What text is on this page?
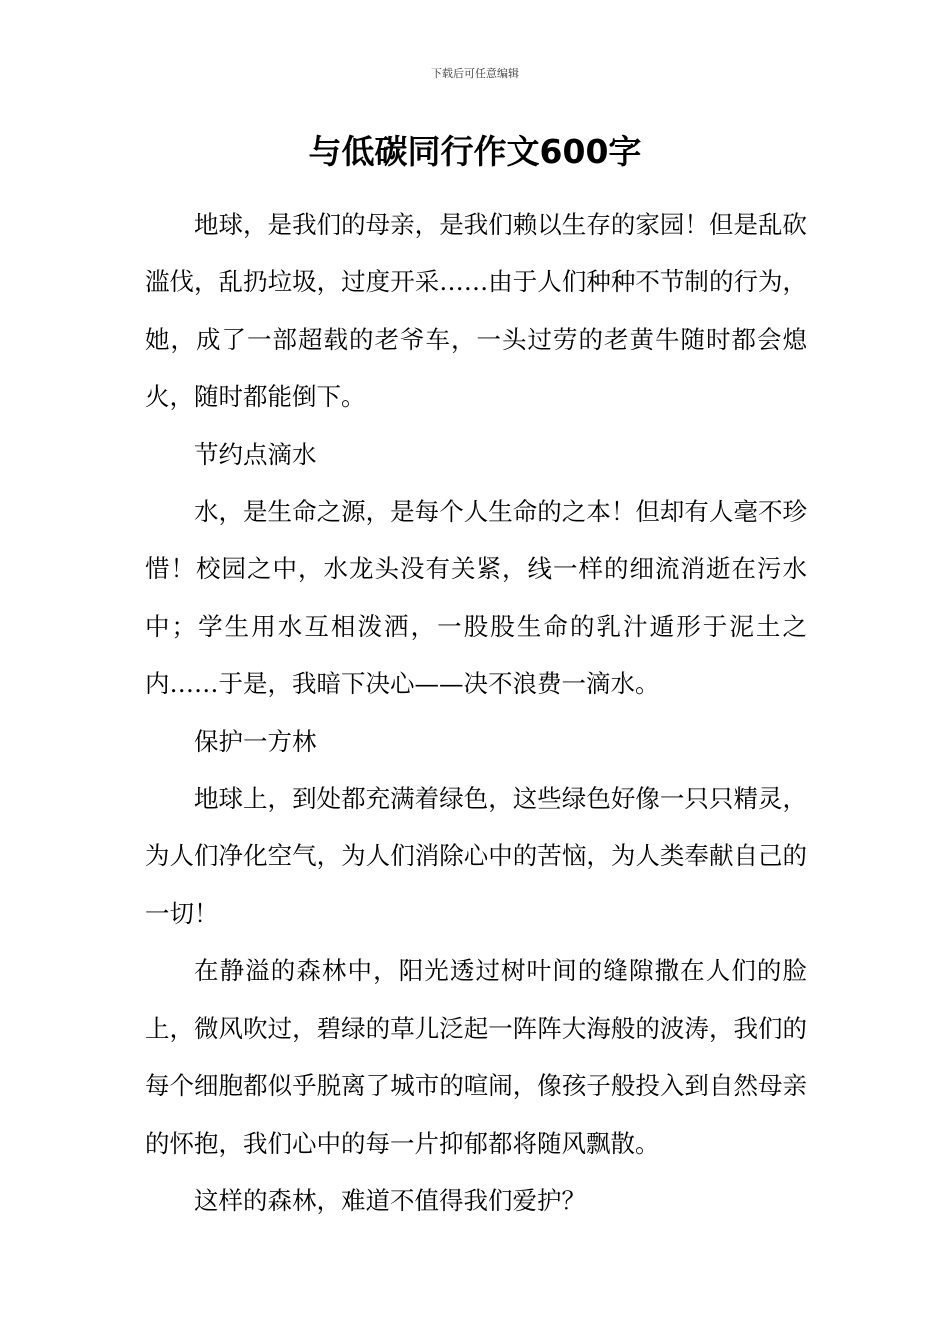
下载后可任意编辑
与低碳同行作文600字

地球，是我们的母亲，是我们赖以生存的家园！但是乱砍滥伐，乱扔垃圾，过度开采……由于人们种种不节制的行为，她，成了一部超载的老爷车，一头过劳的老黄牛随时都会熄火，随时都能倒下。

节约点滴水

水，是生命之源，是每个人生命的之本！但却有人毫不珍惜！校园之中，水龙头没有关紧，线一样的细流消逝在污水中；学生用水互相泼洒，一股股生命的乳汁遁形于泥土之内……于是，我暗下决心——决不浪费一滴水。

保护一方林

地球上，到处都充满着绿色，这些绿色好像一只只精灵，为人们净化空气，为人们消除心中的苦恼，为人类奉献自己的一切！

在静溢的森林中，阳光透过树叶间的缝隙撒在人们的脸上，微风吹过，碧绿的草儿泛起一阵阵大海般的波涛，我们的每个细胞都似乎脱离了城市的喧闹，像孩子般投入到自然母亲的怀抱，我们心中的每一片抑郁都将随风飘散。

这样的森林，难道不值得我们爱护？
